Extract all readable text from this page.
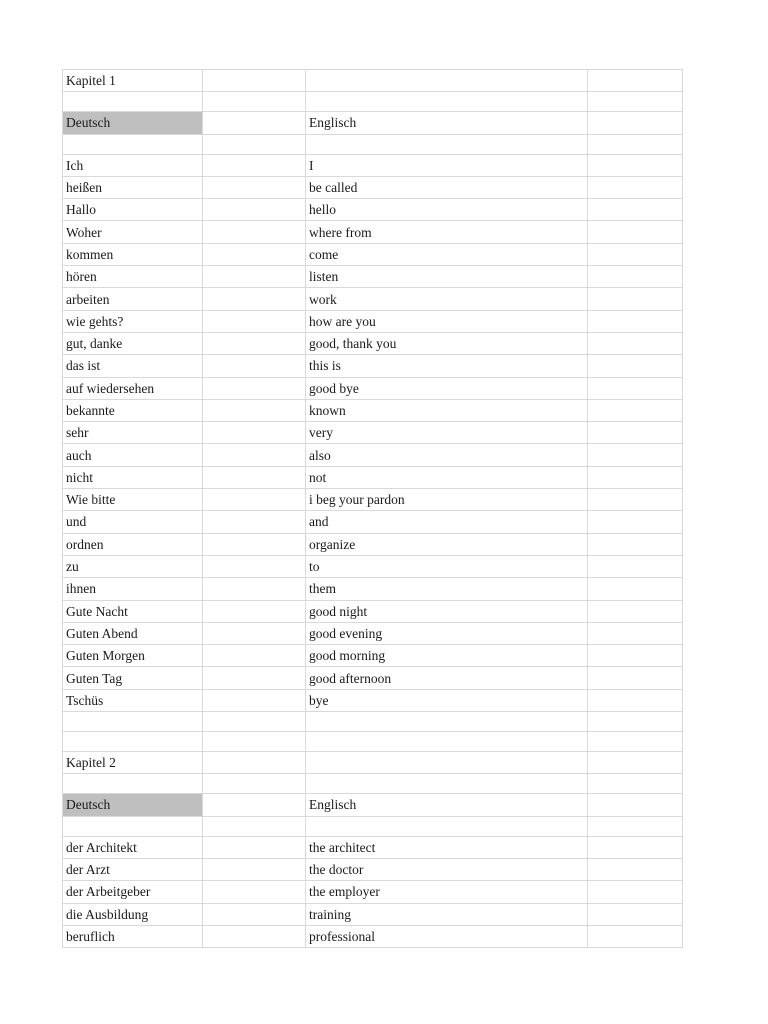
Kapitel 1			

Deutsch		Englisch	

Ich		I	
heißen		be called	
Hallo		hello	
Woher		where from	
kommen		come	
hören		listen	
arbeiten		work	
wie gehts?		how are you	
gut, danke		good, thank you	
das ist		this is	
auf wiedersehen		good bye	
bekannte		known	
sehr		very	
auch		also	
nicht		not	
Wie bitte		i beg your pardon	
und		and	
ordnen		organize	
zu		to	
ihnen		them	
Gute Nacht		good night	
Guten Abend		good evening	
Guten Morgen		good morning	
Guten Tag		good afternoon	
Tschüs		bye	

Kapitel 2			

Deutsch		Englisch	

der Architekt		the architect	
der Arzt		the doctor	
der Arbeitgeber		the employer	
die Ausbildung		training	
beruflich		professional	
